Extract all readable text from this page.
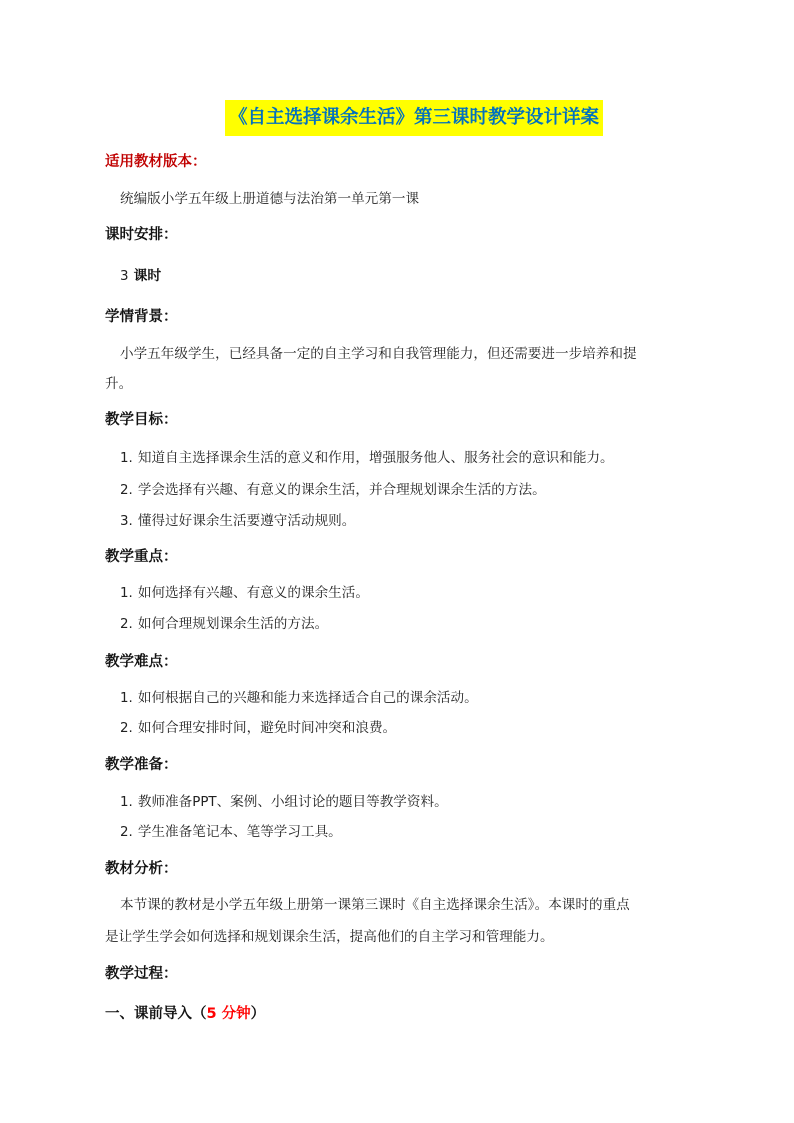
《自主选择课余生活》第三课时教学设计详案
适用教材版本：
统编版小学五年级上册道德与法治第一单元第一课
课时安排：
3 课时
学情背景：
小学五年级学生，已经具备一定的自主学习和自我管理能力，但还需要进一步培养和提
升。
教学目标：
1. 知道自主选择课余生活的意义和作用，增强服务他人、服务社会的意识和能力。
2. 学会选择有兴趣、有意义的课余生活，并合理规划课余生活的方法。
3. 懂得过好课余生活要遵守活动规则。
教学重点：
1. 如何选择有兴趣、有意义的课余生活。
2. 如何合理规划课余生活的方法。
教学难点：
1. 如何根据自己的兴趣和能力来选择适合自己的课余活动。
2. 如何合理安排时间，避免时间冲突和浪费。
教学准备：
1. 教师准备PPT、案例、小组讨论的题目等教学资料。
2. 学生准备笔记本、笔等学习工具。
教材分析：
本节课的教材是小学五年级上册第一课第三课时《自主选择课余生活》。本课时的重点
是让学生学会如何选择和规划课余生活，提高他们的自主学习和管理能力。
教学过程：
一、课前导入（5 分钟）
